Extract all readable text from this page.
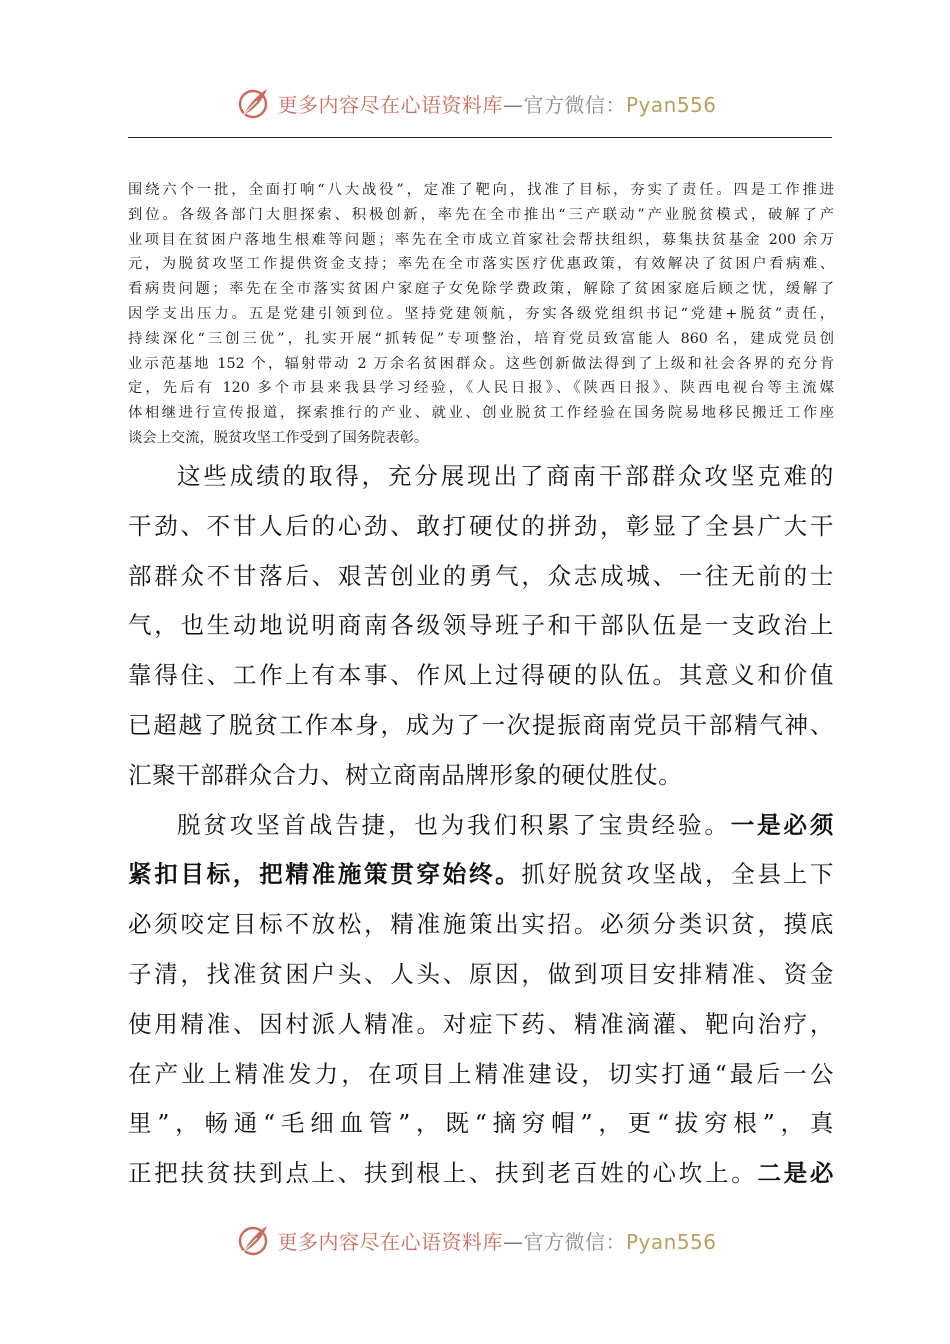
更多内容尽在心语资料库—官方微信：Pyan556
围绕六个一批，全面打响“八大战役”，定准了靶向，找准了目标，夯实了责任。四是工作推进
到位。各级各部门大胆探索、积极创新，率先在全市推出“三产联动”产业脱贫模式，破解了产
业项目在贫困户落地生根难等问题；率先在全市成立首家社会帮扶组织，募集扶贫基金 200 余万
元，为脱贫攻坚工作提供资金支持；率先在全市落实医疗优惠政策，有效解决了贫困户看病难、
看病贵问题；率先在全市落实贫困户家庭子女免除学费政策，解除了贫困家庭后顾之忧，缓解了
因学支出压力。五是党建引领到位。坚持党建领航，夯实各级党组织书记“党建+脱贫”责任，
持续深化“三创三优”，扎实开展“抓转促”专项整治，培育党员致富能人 860 名，建成党员创
业示范基地 152 个，辐射带动 2 万余名贫困群众。这些创新做法得到了上级和社会各界的充分肯
定，先后有 120 多个市县来我县学习经验，《人民日报》、《陕西日报》、陕西电视台等主流媒
体相继进行宣传报道，探索推行的产业、就业、创业脱贫工作经验在国务院易地移民搬迁工作座
谈会上交流，脱贫攻坚工作受到了国务院表彰。
这些成绩的取得，充分展现出了商南干部群众攻坚克难的
干劲、不甘人后的心劲、敢打硬仗的拼劲，彰显了全县广大干
部群众不甘落后、艰苦创业的勇气，众志成城、一往无前的士
气，也生动地说明商南各级领导班子和干部队伍是一支政治上
靠得住、工作上有本事、作风上过得硬的队伍。其意义和价值
已超越了脱贫工作本身，成为了一次提振商南党员干部精气神、
汇聚干部群众合力、树立商南品牌形象的硬仗胜仗。
脱贫攻坚首战告捷，也为我们积累了宝贵经验。一是必须
紧扣目标，把精准施策贯穿始终。抓好脱贫攻坚战，全县上下
必须咬定目标不放松，精准施策出实招。必须分类识贫，摸底
子清，找准贫困户头、人头、原因，做到项目安排精准、资金
使用精准、因村派人精准。对症下药、精准滴灌、靶向治疗，
在产业上精准发力，在项目上精准建设，切实打通“最后一公
里”，畅通“毛细血管”，既“摘穷帽”，更“拔穷根”，真
正把扶贫扶到点上、扶到根上、扶到老百姓的心坎上。二是必
更多内容尽在心语资料库—官方微信：Pyan556
